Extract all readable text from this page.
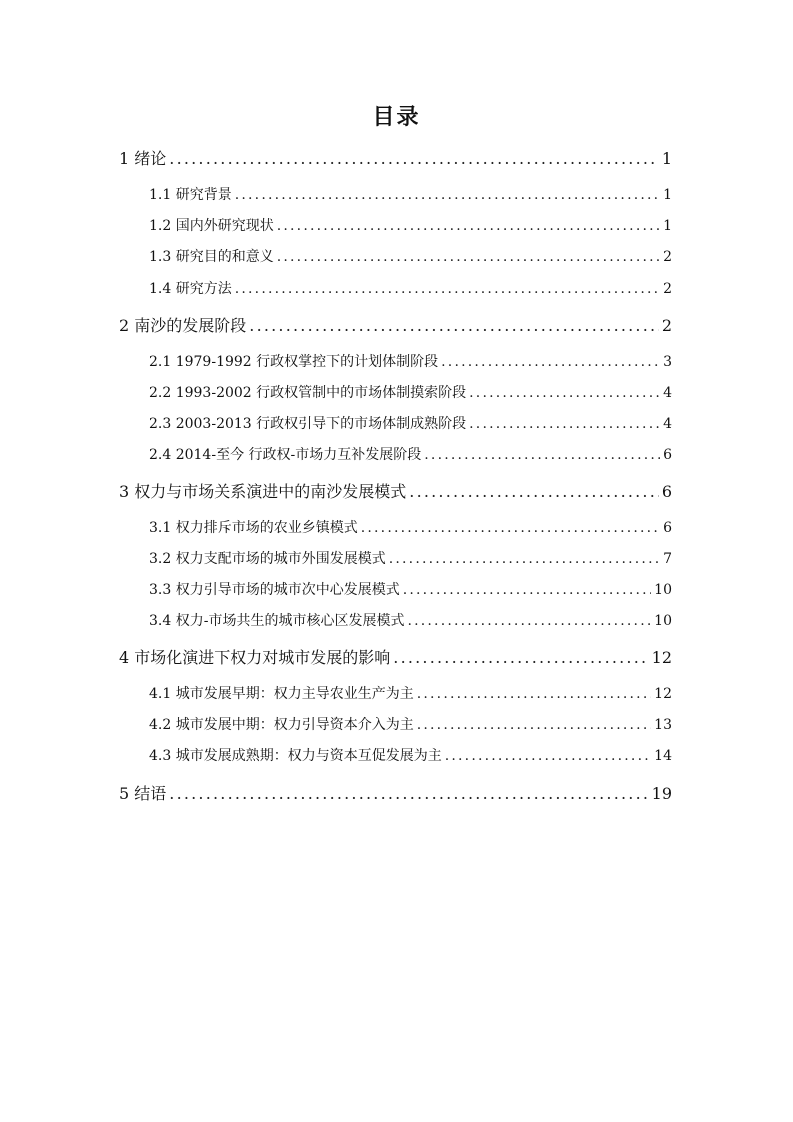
目录
1 绪论 .....	1
1.1 研究背景 .....	1
1.2 国内外研究现状 .....	1
1.3 研究目的和意义 .....	2
1.4 研究方法 .....	2
2 南沙的发展阶段 .....	2
2.1 1979-1992 行政权掌控下的计划体制阶段 .....	3
2.2 1993-2002 行政权管制中的市场体制摸索阶段 .....	4
2.3 2003-2013 行政权引导下的市场体制成熟阶段 .....	4
2.4 2014-至今 行政权-市场力互补发展阶段 .....	6
3 权力与市场关系演进中的南沙发展模式 .....	6
3.1 权力排斥市场的农业乡镇模式 .....	6
3.2 权力支配市场的城市外围发展模式 .....	7
3.3 权力引导市场的城市次中心发展模式 .....	10
3.4 权力-市场共生的城市核心区发展模式 .....	10
4 市场化演进下权力对城市发展的影响 .....	12
4.1 城市发展早期：权力主导农业生产为主 .....	12
4.2 城市发展中期：权力引导资本介入为主 .....	13
4.3 城市发展成熟期：权力与资本互促发展为主 .....	14
5 结语 .....	19
